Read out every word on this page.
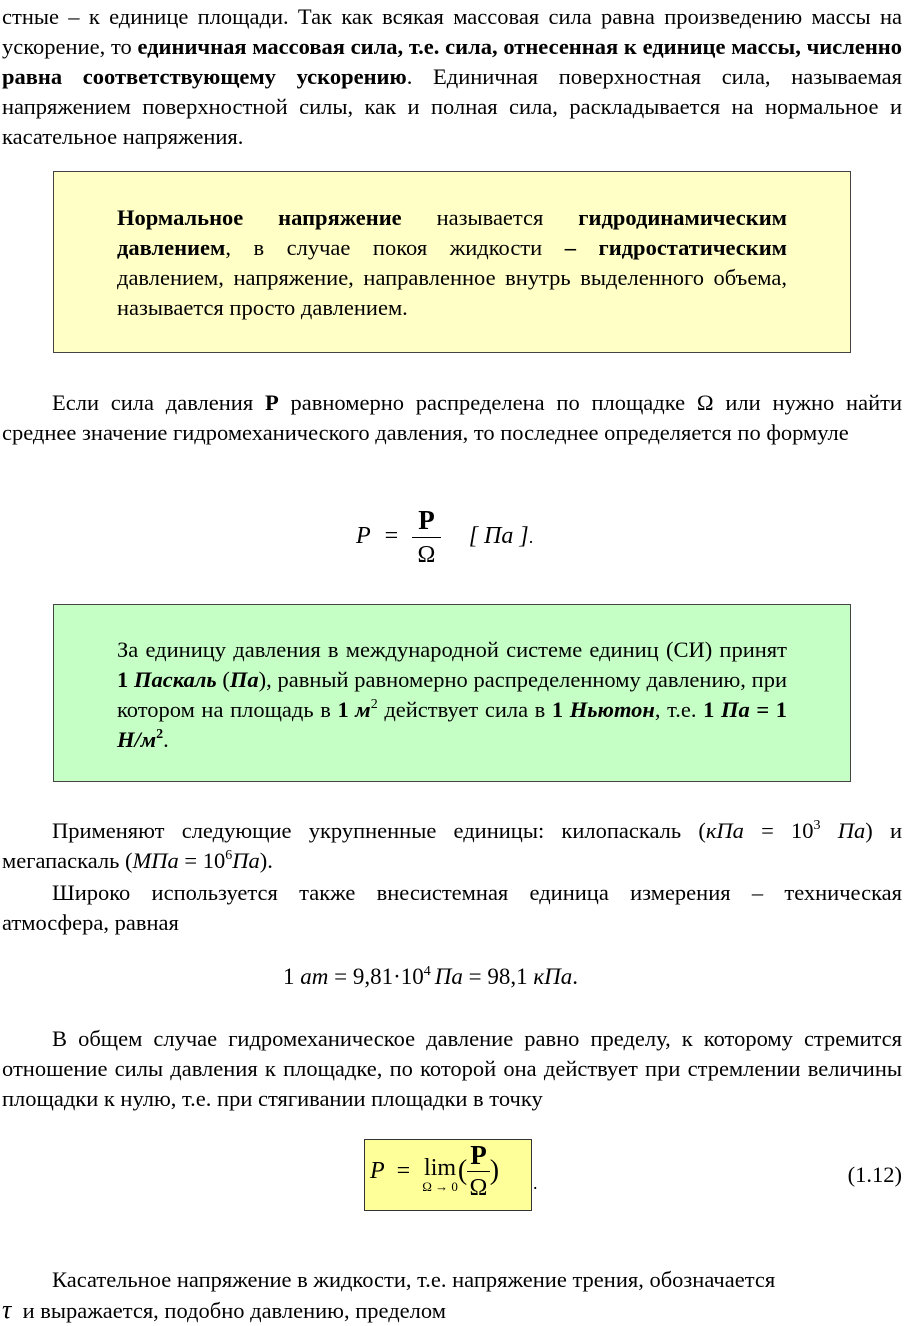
стные – к единице площади. Так как всякая массовая сила равна произведению массы на ускорение, то единичная массовая сила, т.е. сила, отнесенная к единице массы, численно равна соответствующему ускорению. Единичная поверхностная сила, называемая напряжением поверхностной силы, как и полная сила, раскладывается на нормальное и касательное напряжения.

Нормальное напряжение называется гидродинамическим давлением, в случае покоя жидкости – гидростатическим давлением, напряжение, направленное внутрь выделенного объема, называется просто давлением.

Если сила давления P равномерно распределена по площадке Ω или нужно найти среднее значение гидромеханического давления, то последнее определяется по формуле

$P = \frac{P}{\Omega}$ [ Па ].
За единицу давления в международной системе единиц (СИ) принят 1 Паскаль (Па), равный равномерно распределенному давлению, при котором на площадь в 1 $м^2$ действует сила в 1 Ньютон, т.е. 1 Па = 1 $Н/м^2$.

Применяют следующие укрупненные единицы: килопаскаль ($кПа = 10^3$ Па) и мегапаскаль $(МПа = 10^6Па)$.

Широко используется также внесистемная единица измерения – техническая атмосфера, равная

1 ат = $9,81\cdot 10^4$ Па = 98,1 кПа.

В общем случае гидромеханическое давление равно пределу, к которому стремится отношение силы давления к площадке, по которой она действует при стремлении величины площадки к нулю, т.е. при стягивании площадки в точку

P = lim
Ω → 0
( $\frac{P}{\Omega}$ ) .	(1.12)

Касательное напряжение в жидкости, т.е. напряжение трения, обозначается

τ и выражается, подобно давлению, пределом
